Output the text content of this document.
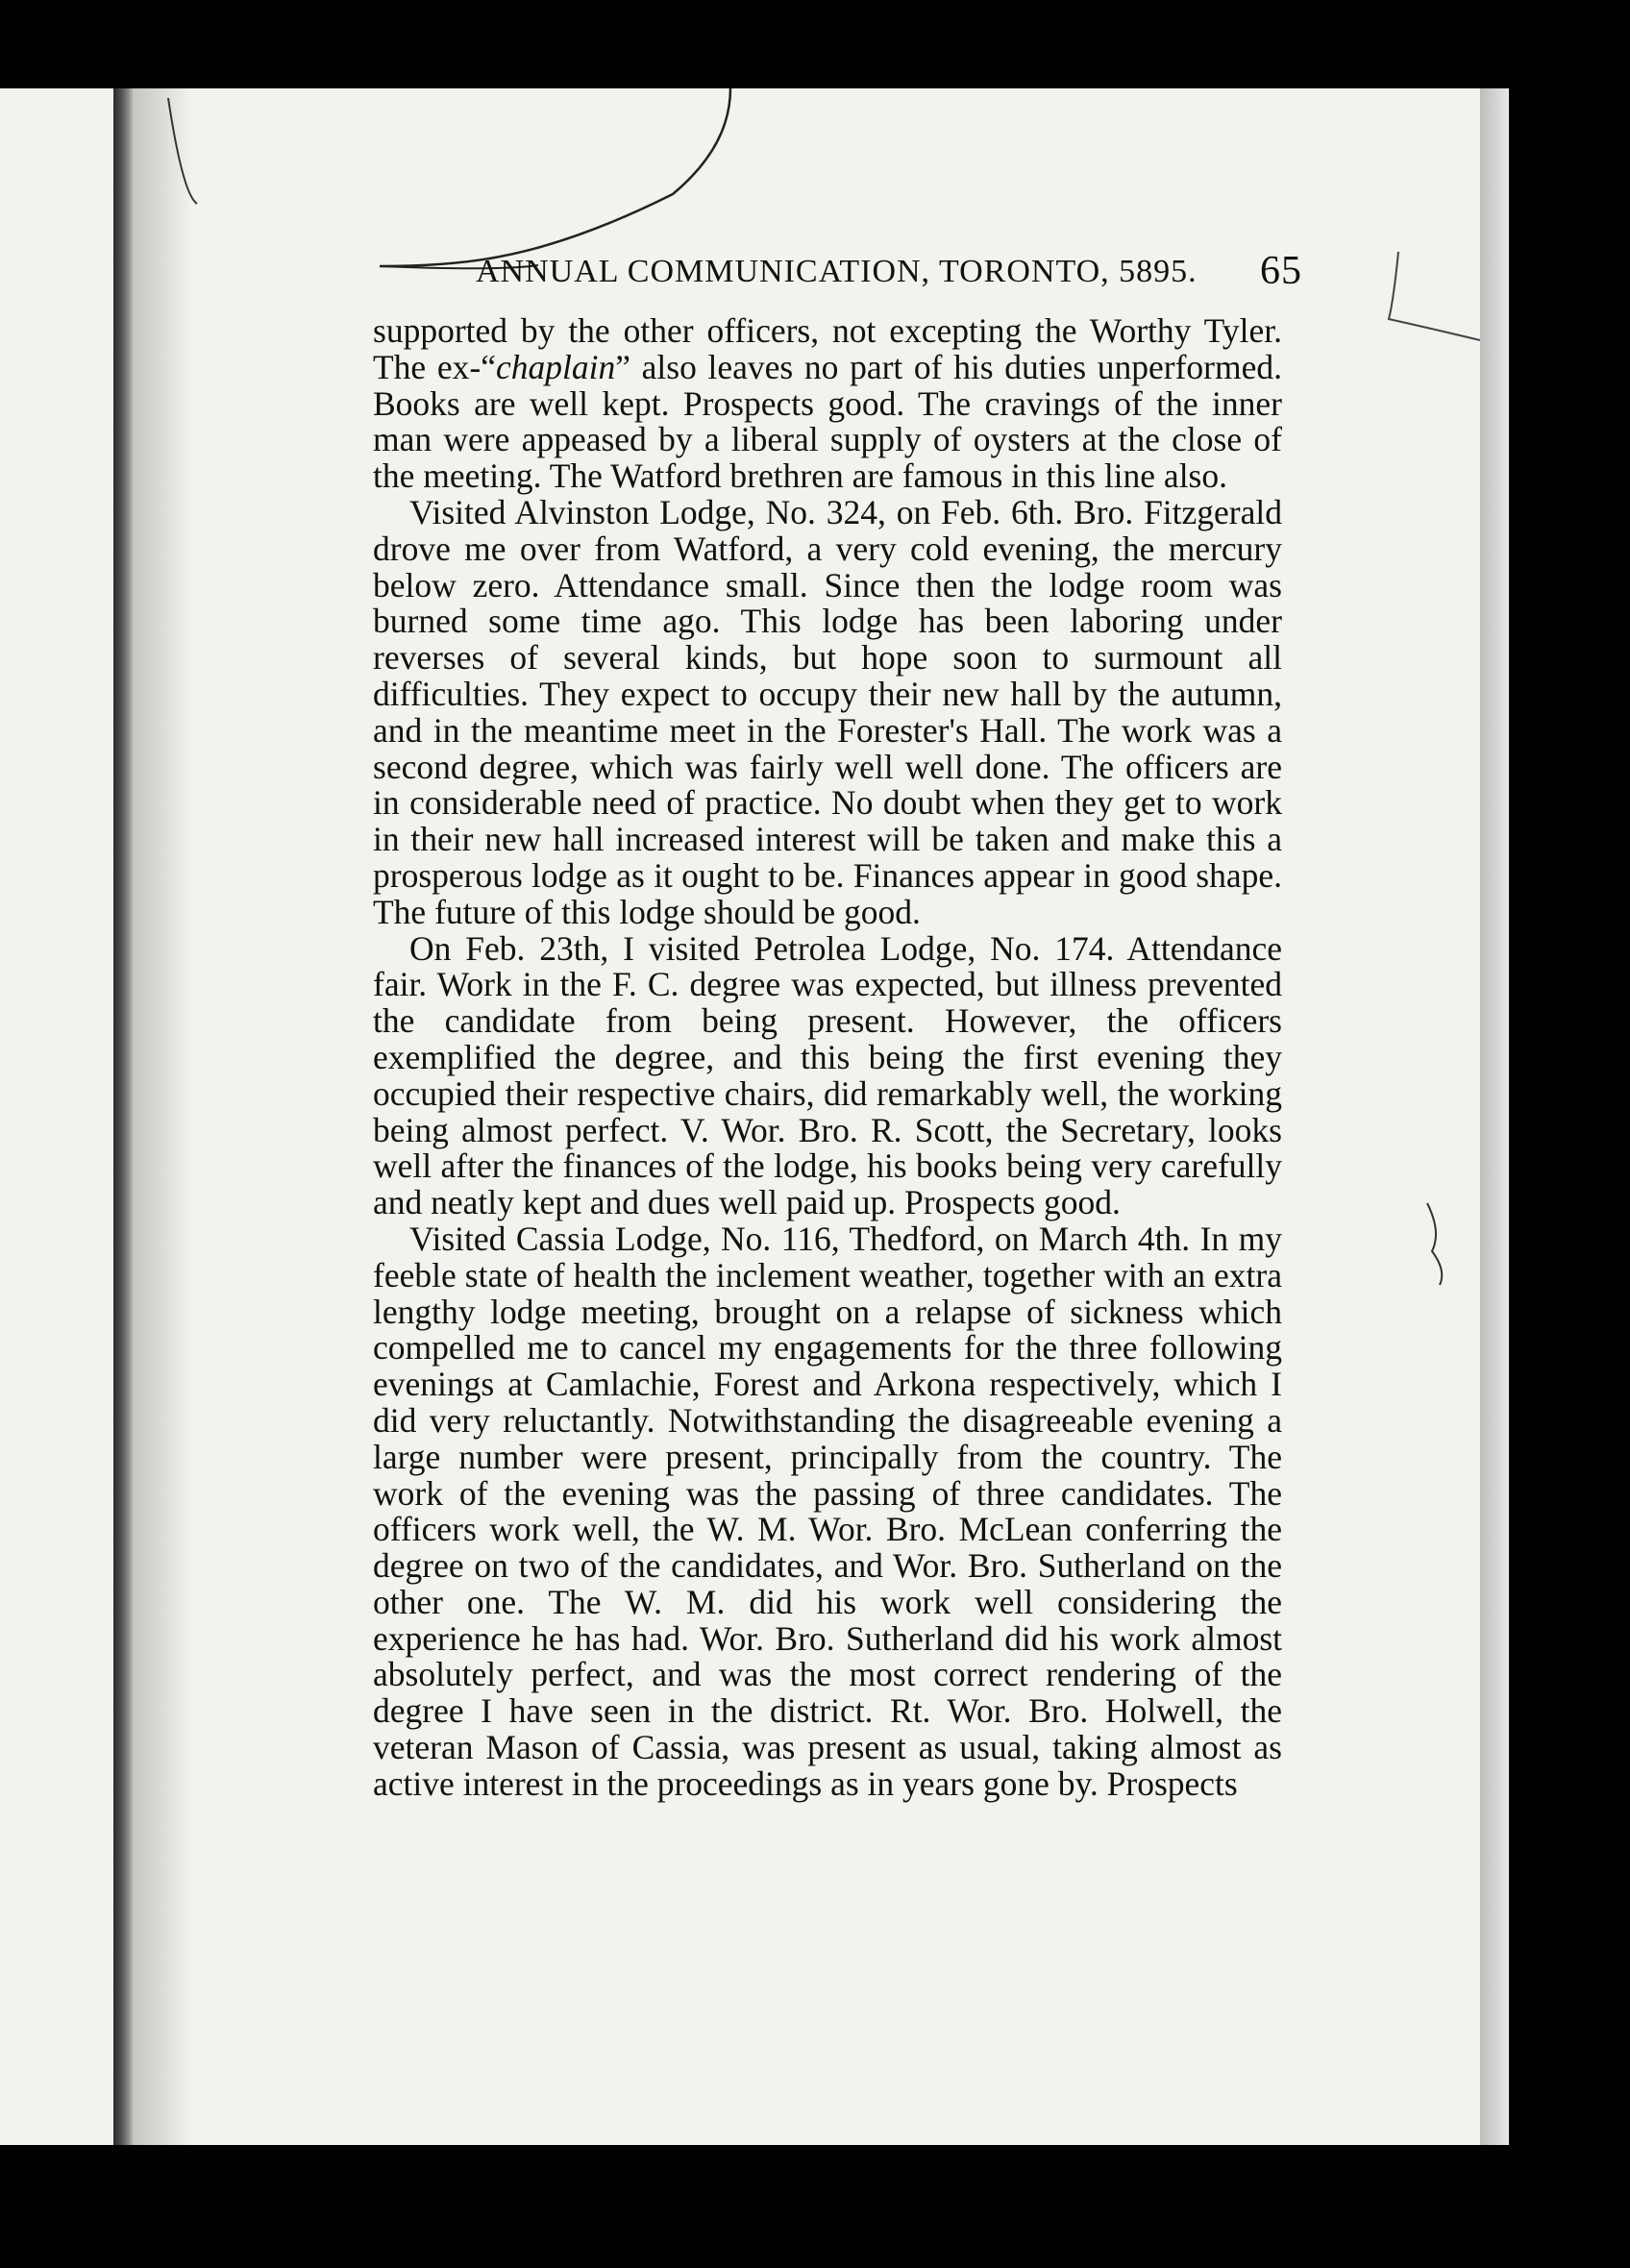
ANNUAL COMMUNICATION, TORONTO, 5895. 65

supported by the other officers, not excepting the Worthy Tyler. The ex-“chaplain” also leaves no part of his duties unperformed. Books are well kept. Prospects good. The cravings of the inner man were appeased by a liberal supply of oysters at the close of the meeting. The Watford brethren are famous in this line also.

Visited Alvinston Lodge, No. 324, on Feb. 6th. Bro. Fitzgerald drove me over from Watford, a very cold evening, the mercury below zero. Attendance small. Since then the lodge room was burned some time ago. This lodge has been laboring under reverses of several kinds, but hope soon to surmount all difficulties. They expect to occupy their new hall by the autumn, and in the meantime meet in the Forester's Hall. The work was a second degree, which was fairly well well done. The officers are in considerable need of practice. No doubt when they get to work in their new hall increased interest will be taken and make this a prosperous lodge as it ought to be. Finances appear in good shape. The future of this lodge should be good.

On Feb. 23th, I visited Petrolea Lodge, No. 174. Attendance fair. Work in the F. C. degree was expected, but illness prevented the candidate from being present. However, the officers exemplified the degree, and this being the first evening they occupied their respective chairs, did remarkably well, the working being almost perfect. V. Wor. Bro. R. Scott, the Secretary, looks well after the finances of the lodge, his books being very carefully and neatly kept and dues well paid up. Prospects good.

Visited Cassia Lodge, No. 116, Thedford, on March 4th. In my feeble state of health the inclement weather, together with an extra lengthy lodge meeting, brought on a relapse of sickness which compelled me to cancel my engagements for the three following evenings at Camlachie, Forest and Arkona respectively, which I did very reluctantly. Notwithstanding the disagreeable evening a large number were present, principally from the country. The work of the evening was the passing of three candidates. The officers work well, the W. M. Wor. Bro. McLean conferring the degree on two of the candidates, and Wor. Bro. Sutherland on the other one. The W. M. did his work well considering the experience he has had. Wor. Bro. Sutherland did his work almost absolutely perfect, and was the most correct rendering of the degree I have seen in the district. Rt. Wor. Bro. Holwell, the veteran Mason of Cassia, was present as usual, taking almost as active interest in the proceedings as in years gone by. Prospects
